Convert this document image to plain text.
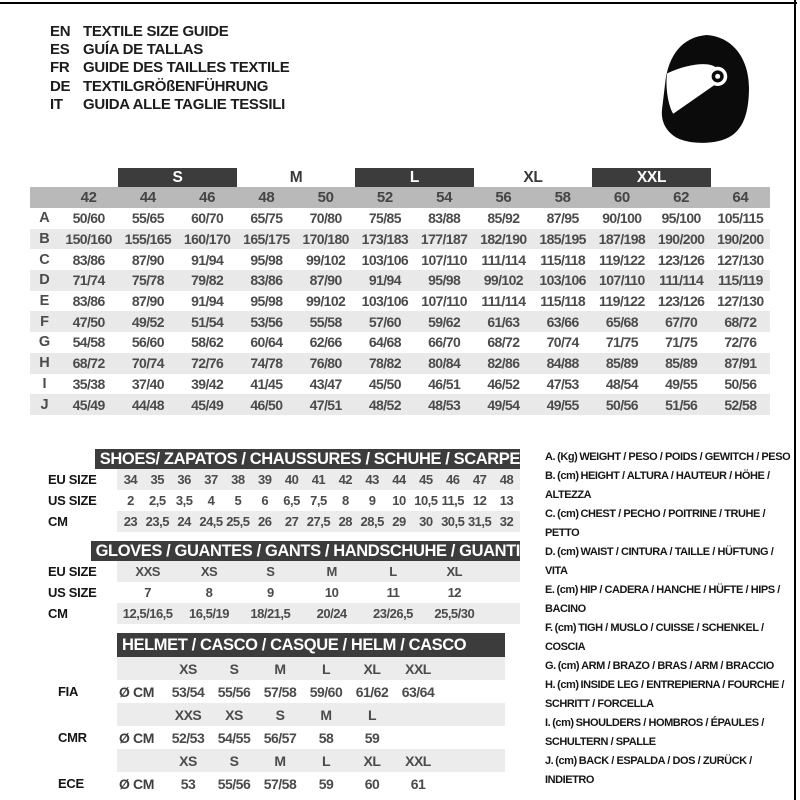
EN TEXTILE SIZE GUIDE
ES GUÍA DE TALLAS
FR GUIDE DES TAILLES TEXTILE
DE TEXTILGRÖßENFÜHRUNG
IT	GUIDA ALLE TAGLIE TESSILI
S	M	L	XL	XXL
42	44	46	48	50	52	54	56	58	60	62	64
A	50/60	55/65	60/70	65/75	70/80	75/85	83/88	85/92	87/95	90/100	95/100	105/115
B	150/160 155/165 160/170 165/175 170/180 173/183 177/187 182/190 185/195 187/198 190/200 190/200
C	83/86	87/90	91/94	95/98	99/102	103/106 107/110	111/114	115/118 119/122 123/126 127/130
D	71/74	75/78	79/82	83/86	87/90	91/94	95/98	99/102	103/106 107/110	111/114	115/119
E	83/86	87/90	91/94	95/98	99/102	103/106 107/110	111/114	115/118 119/122 123/126 127/130
F	47/50	49/52	51/54	53/56	55/58	57/60	59/62	61/63	63/66	65/68	67/70	68/72
G	54/58	56/60	58/62	60/64	62/66	64/68	66/70	68/72	70/74	71/75	71/75	72/76
H	68/72	70/74	72/76	74/78	76/80	78/82	80/84	82/86	84/88	85/89	85/89	87/91
I	35/38	37/40	39/42	41/45	43/47	45/50	46/51	46/52	47/53	48/54	49/55	50/56
J	45/49	44/48	45/49	46/50	47/51	48/52	48/53	49/54	49/55	50/56	51/56	52/58
SHOES/ ZAPATOS / CHAUSSURES / SCHUHE / SCARPE
EU SIZE	34	35	36	37	38	39	40	41	42	43	44	45	46	47	48
US SIZE	2	2,5 3,5	4	5	6	6,5 7,5	8	9	10 10,5 11,5 12	13
CM	23 23,5 24 24,5 25,5 26	27 27,5 28 28,5 29	30 30,5 31,5 32
GLOVES / GUANTES / GANTS / HANDSCHUHE / GUANTI
EU SIZE	XXS	XS	S	M	L	XL
US SIZE	7	8	9	10	11	12
CM	12,5/16,5	16,5/19	18/21,5	20/24	23/26,5	25,5/30
HELMET / CASCO / CASQUE / HELM / CASCO
XS	S	M	L	XL	XXL
FIA	Ø CM	53/54 55/56 57/58 59/60 61/62 63/64
XXS	XS	S	M	L
CMR	Ø CM	52/53 54/55 56/57	58	59
XS	S	M	L	XL	XXL
ECE	Ø CM	53	55/56 57/58	59	60	61
A. (Kg) WEIGHT / PESO / POIDS / GEWITCH / PESO
B. (cm) HEIGHT / ALTURA / HAUTEUR / HÖHE / ALTEZZA
C. (cm) CHEST / PECHO / POITRINE / TRUHE / PETTO
D. (cm) WAIST / CINTURA / TAILLE / HÜFTUNG / VITA
E. (cm) HIP / CADERA / HANCHE / HÜFTE / HIPS / BACINO
F. (cm) TIGH / MUSLO / CUISSE / SCHENKEL / COSCIA
G. (cm) ARM / BRAZO / BRAS / ARM / BRACCIO
H. (cm) INSIDE LEG / ENTREPIERNA / FOURCHE / SCHRITT / FORCELLA
I. (cm) SHOULDERS / HOMBROS / ÉPAULES / SCHULTERN / SPALLE
J. (cm) BACK / ESPALDA / DOS / ZURÜCK / INDIETRO
